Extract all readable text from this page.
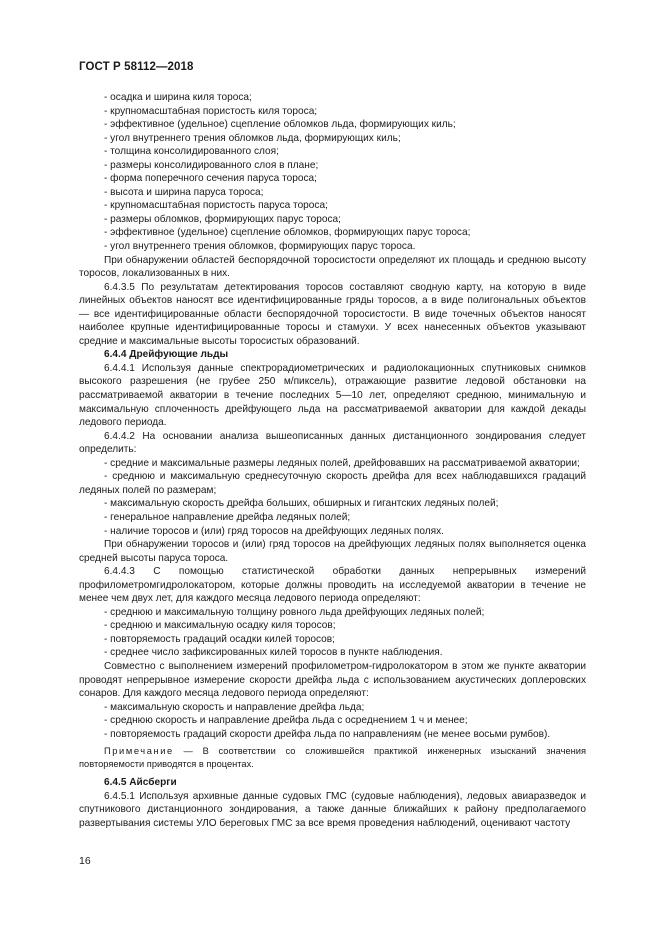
ГОСТ Р 58112—2018

- осадка и ширина киля тороса;

- крупномасштабная пористость киля тороса;

- эффективное (удельное) сцепление обломков льда, формирующих киль;

- угол внутреннего трения обломков льда, формирующих киль;

- толщина консолидированного слоя;

- размеры консолидированного слоя в плане;

- форма поперечного сечения паруса тороса;

- высота и ширина паруса тороса;

- крупномасштабная пористость паруса тороса;

- размеры обломков, формирующих парус тороса;

- эффективное (удельное) сцепление обломков, формирующих парус тороса;

- угол внутреннего трения обломков, формирующих парус тороса.

При обнаружении областей беспорядочной торосистости определяют их площадь и среднюю высоту торосов, локализованных в них.

6.4.3.5 По результатам детектирования торосов составляют сводную карту, на которую в виде линейных объектов наносят все идентифицированные гряды торосов, а в виде полигональных объектов — все идентифицированные области беспорядочной торосистости. В виде точечных объектов наносят наиболее крупные идентифицированные торосы и стамухи. У всех нанесенных объектов указывают средние и максимальные высоты торосистых образований.

6.4.4 Дрейфующие льды

6.4.4.1 Используя данные спектрорадиометрических и радиолокационных спутниковых снимков высокого разрешения (не грубее 250 м/пиксель), отражающие развитие ледовой обстановки на рассматриваемой акватории в течение последних 5—10 лет, определяют среднюю, минимальную и максимальную сплоченность дрейфующего льда на рассматриваемой акватории для каждой декады ледового периода.

6.4.4.2 На основании анализа вышеописанных данных дистанционного зондирования следует определить:

- средние и максимальные размеры ледяных полей, дрейфовавших на рассматриваемой акватории;

- среднюю и максимальную среднесуточную скорость дрейфа для всех наблюдавшихся градаций ледяных полей по размерам;

- максимальную скорость дрейфа больших, обширных и гигантских ледяных полей;

- генеральное направление дрейфа ледяных полей;

- наличие торосов и (или) гряд торосов на дрейфующих ледяных полях.

При обнаружении торосов и (или) гряд торосов на дрейфующих ледяных полях выполняется оценка средней высоты паруса тороса.

6.4.4.3 С помощью статистической обработки данных непрерывных измерений профилометромгидролокатором, которые должны проводить на исследуемой акватории в течение не менее чем двух лет, для каждого месяца ледового периода определяют:

- среднюю и максимальную толщину ровного льда дрейфующих ледяных полей;

- среднюю и максимальную осадку киля торосов;

- повторяемость градаций осадки килей торосов;

- среднее число зафиксированных килей торосов в пункте наблюдения.

Совместно с выполнением измерений профилометром-гидролокатором в этом же пункте акватории проводят непрерывное измерение скорости дрейфа льда с использованием акустических доплеровских сонаров. Для каждого месяца ледового периода определяют:

- максимальную скорость и направление дрейфа льда;

- среднюю скорость и направление дрейфа льда с осреднением 1 ч и менее;

- повторяемость градаций скорости дрейфа льда по направлениям (не менее восьми румбов).

Примечание — В соответствии со сложившейся практикой инженерных изысканий значения повторяемости приводятся в процентах.

6.4.5 Айсберги

6.4.5.1 Используя архивные данные судовых ГМС (судовые наблюдения), ледовых авиаразведок и спутникового дистанционного зондирования, а также данные ближайших к району предполагаемого развертывания системы УЛО береговых ГМС за все время проведения наблюдений, оценивают частоту

16
